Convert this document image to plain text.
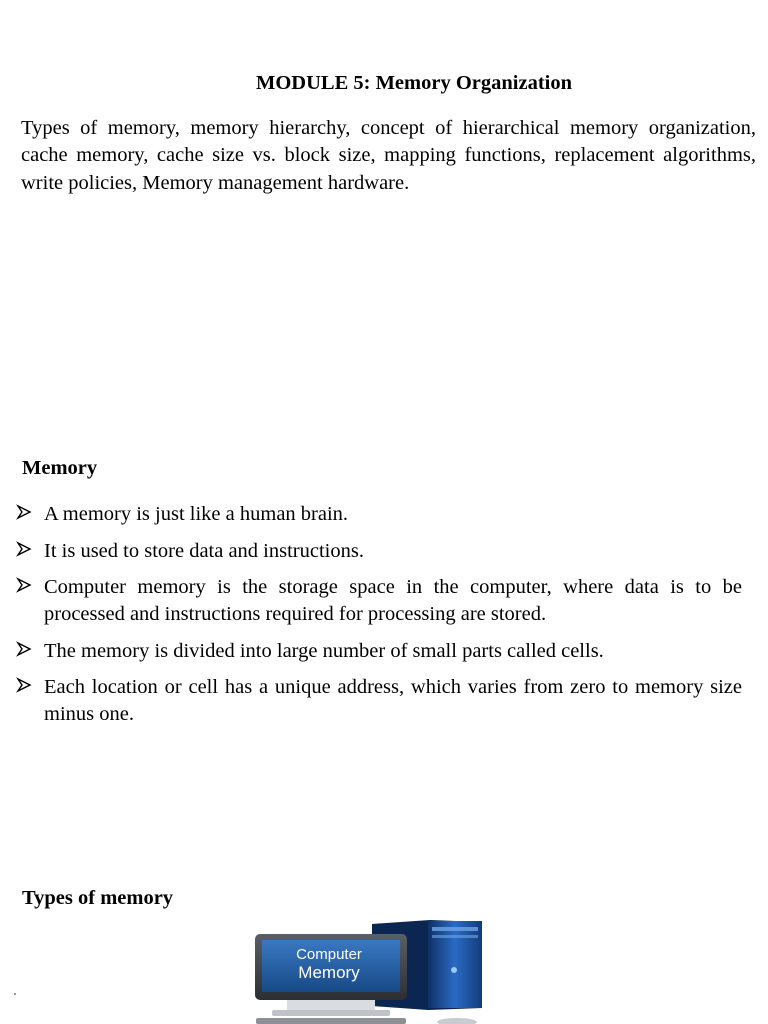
MODULE 5: Memory Organization

Types of memory, memory hierarchy, concept of hierarchical memory organization, cache memory, cache size vs. block size, mapping functions, replacement algorithms, write policies, Memory management hardware.

Memory
A memory is just like a human brain.
It is used to store data and instructions.
Computer memory is the storage space in the computer, where data is to be processed and instructions required for processing are stored.
The memory is divided into large number of small parts called cells.
Each location or cell has a unique address, which varies from zero to memory size minus one.
Types of memory
Computer
Memory
